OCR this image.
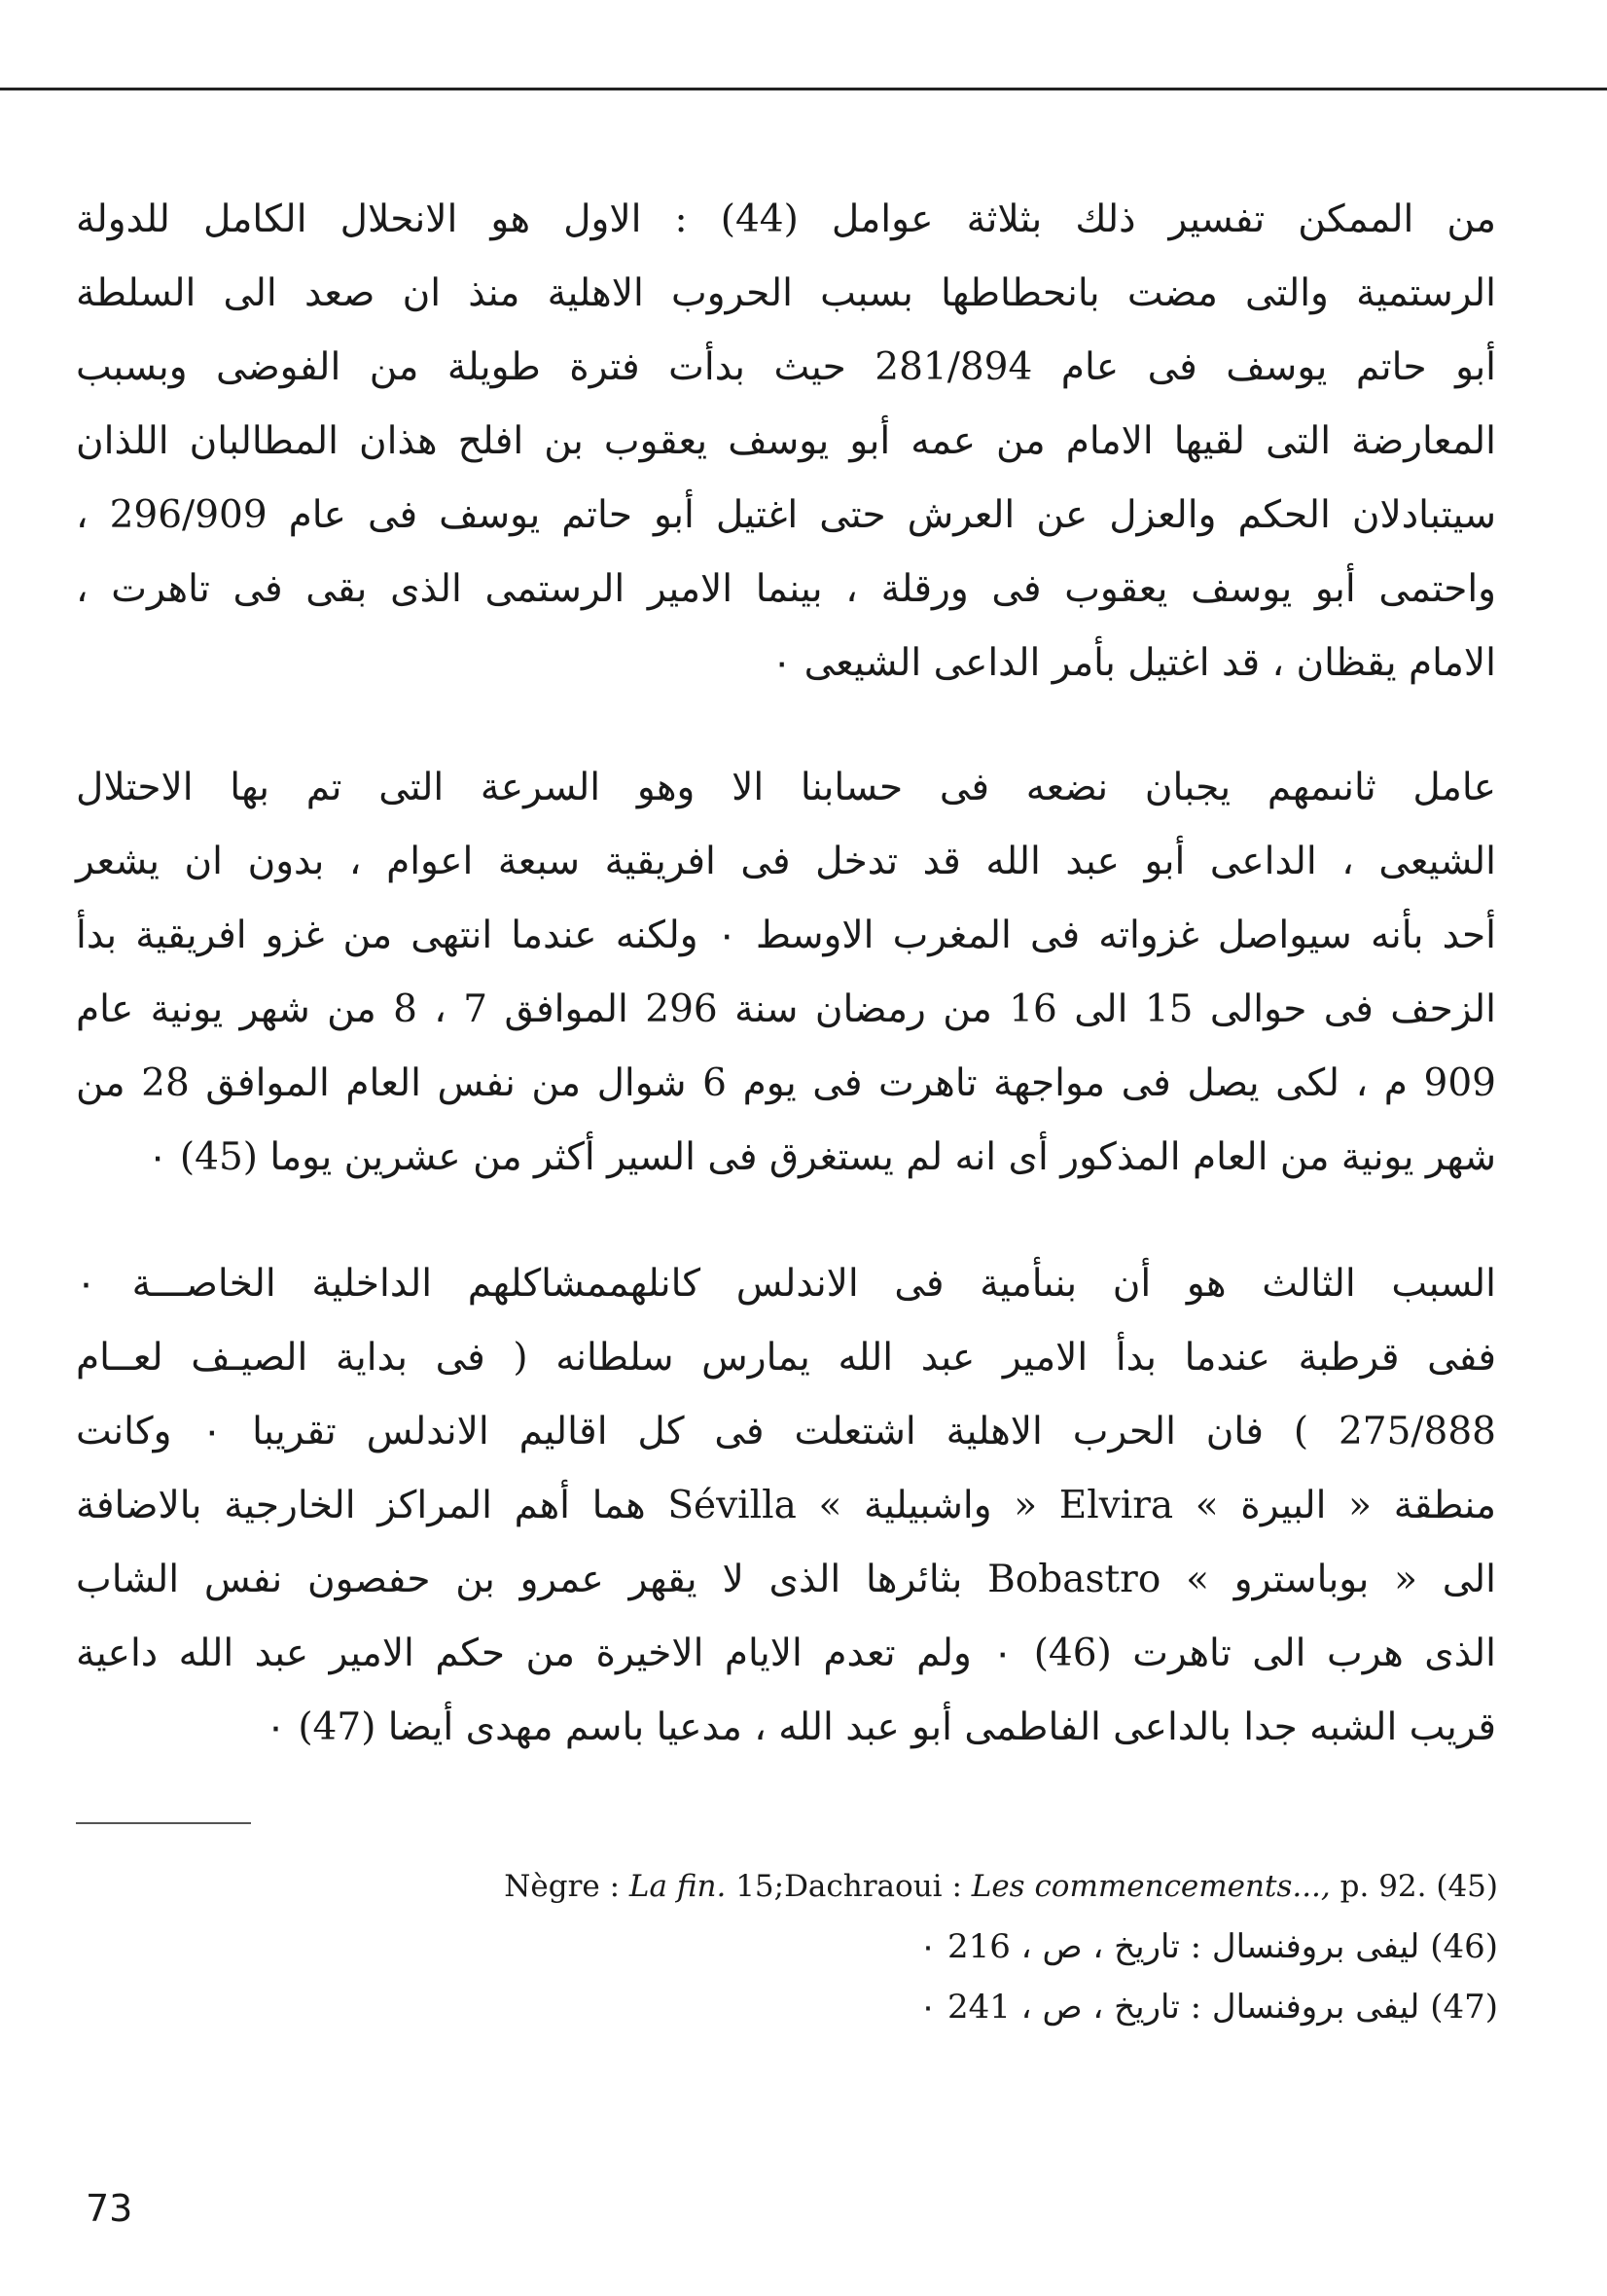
من الممكن تفسير ذلك بثلاثة عوامل (44) : الاول هو الانحلال الكامل للدولة
الرستمية والتى مضت بانحطاطها بسبب الحروب الاهلية منذ ان صعد الى السلطة
أبو حاتم يوسف فى عام 281/894 حيث بدأت فترة طويلة من الفوضى وبسبب
المعارضة التى لقيها الامام من عمه أبو يوسف يعقوب بن افلح هذان المطالبان اللذان
سيتبادلان الحكم والعزل عن العرش حتى اغتيل أبو حاتم يوسف فى عام 296/909 ،
واحتمى أبو يوسف يعقوب فى ورقلة ، بينما الامير الرستمى الذى بقى فى تاهرت ،
الامام يقظان ، قد اغتيل بأمر الداعى الشيعى ٠
عامل ثانىمهم يجبان نضعه فى حسابنا الا وهو السرعة التى تم بها الاحتلال
الشيعى ، الداعى أبو عبد الله قد تدخل فى افريقية سبعة اعوام ، بدون ان يشعر
أحد بأنه سيواصل غزواته فى المغرب الاوسط ٠ ولكنه عندما انتهى من غزو افريقية بدأ
الزحف فى حوالى 15 الى 16 من رمضان سنة 296 الموافق 7 ، 8 من شهر يونية عام
909 م ، لكى يصل فى مواجهة تاهرت فى يوم 6 شوال من نفس العام الموافق 28 من
شهر يونية من العام المذكور أى انه لم يستغرق فى السير أكثر من عشرين يوما (45) ٠
السبب الثالث هو أن بنىأمية فى الاندلس كانلهممشاكلهم الداخلية الخاصـــة ٠
ففى قرطبة عندما بدأ الامير عبد الله يمارس سلطانه ( فى بداية الصيـف لعــام
275/888 ) فان الحرب الاهلية اشتعلت فى كل اقاليم الاندلس تقريبا ٠ وكانت
منطقة « البيرة » Elvira « واشبيلية » Sévilla هما أهم المراكز الخارجية بالاضافة
الى « بوباسترو » Bobastro بثائرها الذى لا يقهر عمرو بن حفصون نفس الشاب
الذى هرب الى تاهرت (46) ٠ ولم تعدم الايام الاخيرة من حكم الامير عبد الله داعية
قريب الشبه جدا بالداعى الفاطمى أبو عبد الله ، مدعيا باسم مهدى أيضا (47) ٠
Nègre : La fin. 15;Dachraoui : Les commencements..., p. 92. (45)
(46) ليفى بروفنسال : تاريخ ، ص ، 216 ٠
(47) ليفى بروفنسال : تاريخ ، ص ، 241 ٠
73
